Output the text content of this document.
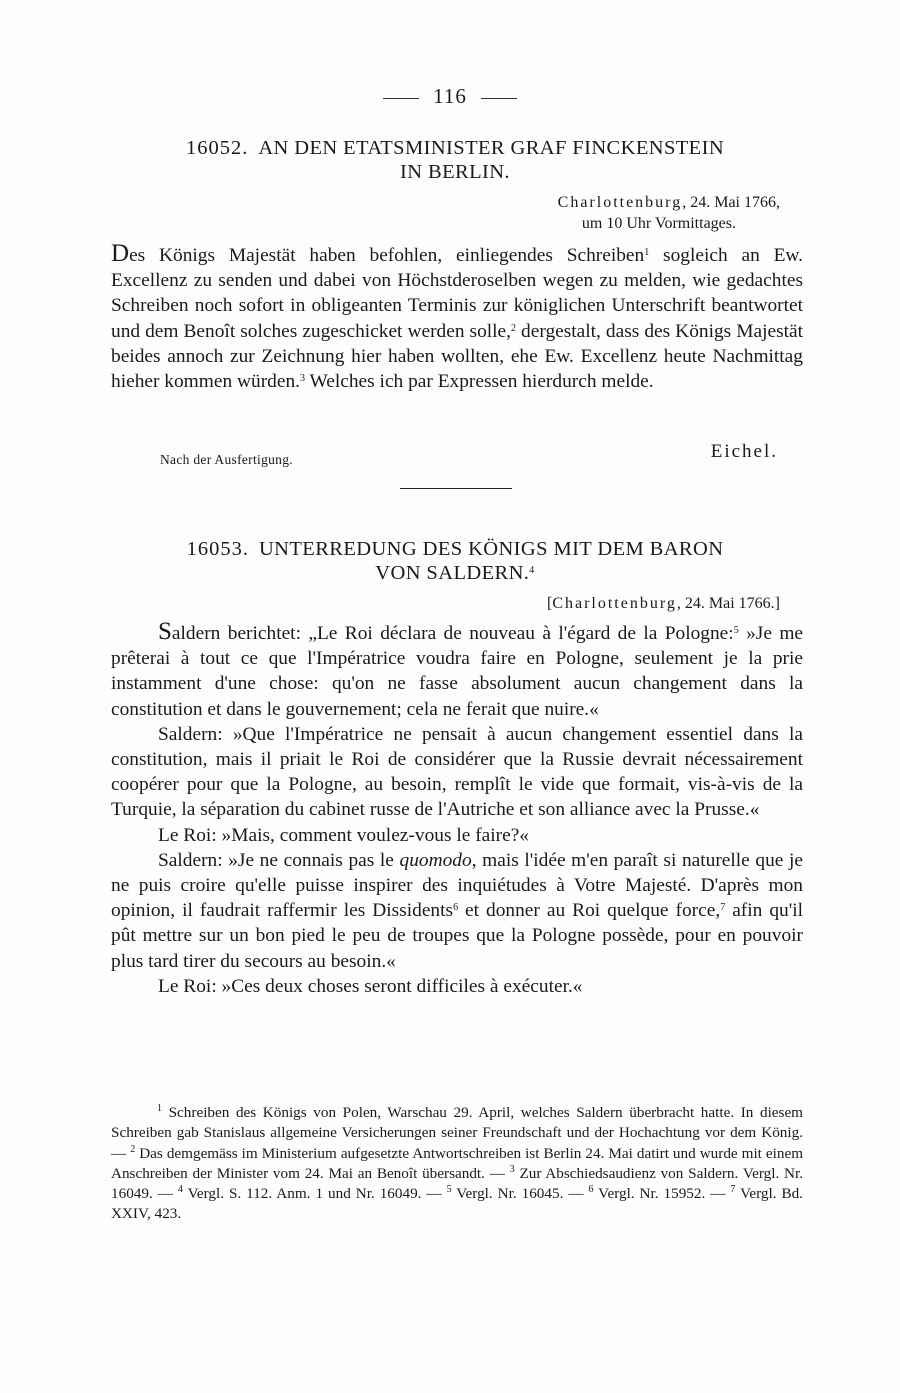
116
16052. AN DEN ETATSMINISTER GRAF FINCKENSTEIN
IN BERLIN.
Charlottenburg, 24. Mai 1766,
um 10 Uhr Vormittages.

Des Königs Majestät haben befohlen, einliegendes Schreiben$^1$ sogleich an Ew. Excellenz zu senden und dabei von Höchstderoselben wegen zu melden, wie gedachtes Schreiben noch sofort in obligeanten Terminis zur königlichen Unterschrift beantwortet und dem Benoît solches zugeschicket werden solle,$^2$ dergestalt, dass des Königs Majestät beides annoch zur Zeichnung hier haben wollten, ehe Ew. Excellenz heute Nachmittag hieher kommen würden.$^3$ Welches ich par Expressen hierdurch melde.

Nach der Ausfertigung.	Eichel.
16053. UNTERREDUNG DES KÖNIGS MIT DEM BARON
VON SALDERN.$^4$
[Charlottenburg, 24. Mai 1766.]

Saldern berichtet: „Le Roi déclara de nouveau à l'égard de la Pologne:$^5$ »Je me prêterai à tout ce que l'Impératrice voudra faire en Pologne, seulement je la prie instamment d'une chose: qu'on ne fasse absolument aucun changement dans la constitution et dans le gouvernement; cela ne ferait que nuire.«

Saldern: »Que l'Impératrice ne pensait à aucun changement essentiel dans la constitution, mais il priait le Roi de considérer que la Russie devrait nécessairement coopérer pour que la Pologne, au besoin, remplît le vide que formait, vis-à-vis de la Turquie, la séparation du cabinet russe de l'Autriche et son alliance avec la Prusse.«

Le Roi: »Mais, comment voulez-vous le faire?«

Saldern: »Je ne connais pas le quomodo, mais l'idée m'en paraît si naturelle que je ne puis croire qu'elle puisse inspirer des inquiétudes à Votre Majesté. D'après mon opinion, il faudrait raffermir les Dissidents$^6$ et donner au Roi quelque force,$^7$ afin qu'il pût mettre sur un bon pied le peu de troupes que la Pologne possède, pour en pouvoir plus tard tirer du secours au besoin.«

Le Roi: »Ces deux choses seront difficiles à exécuter.«

$^1$ Schreiben des Königs von Polen, Warschau 29. April, welches Saldern überbracht hatte. In diesem Schreiben gab Stanislaus allgemeine Versicherungen seiner Freundschaft und der Hochachtung vor dem König. — $^2$ Das demgemäss im Ministerium aufgesetzte Antwortschreiben ist Berlin 24. Mai datirt und wurde mit einem Anschreiben der Minister vom 24. Mai an Benoît übersandt. — $^3$ Zur Abschiedsaudienz von Saldern. Vergl. Nr. 16049. — $^4$ Vergl. S. 112. Anm. 1 und Nr. 16049. — $^5$ Vergl. Nr. 16045. — $^6$ Vergl. Nr. 15952. — $^7$ Vergl. Bd. XXIV, 423.
